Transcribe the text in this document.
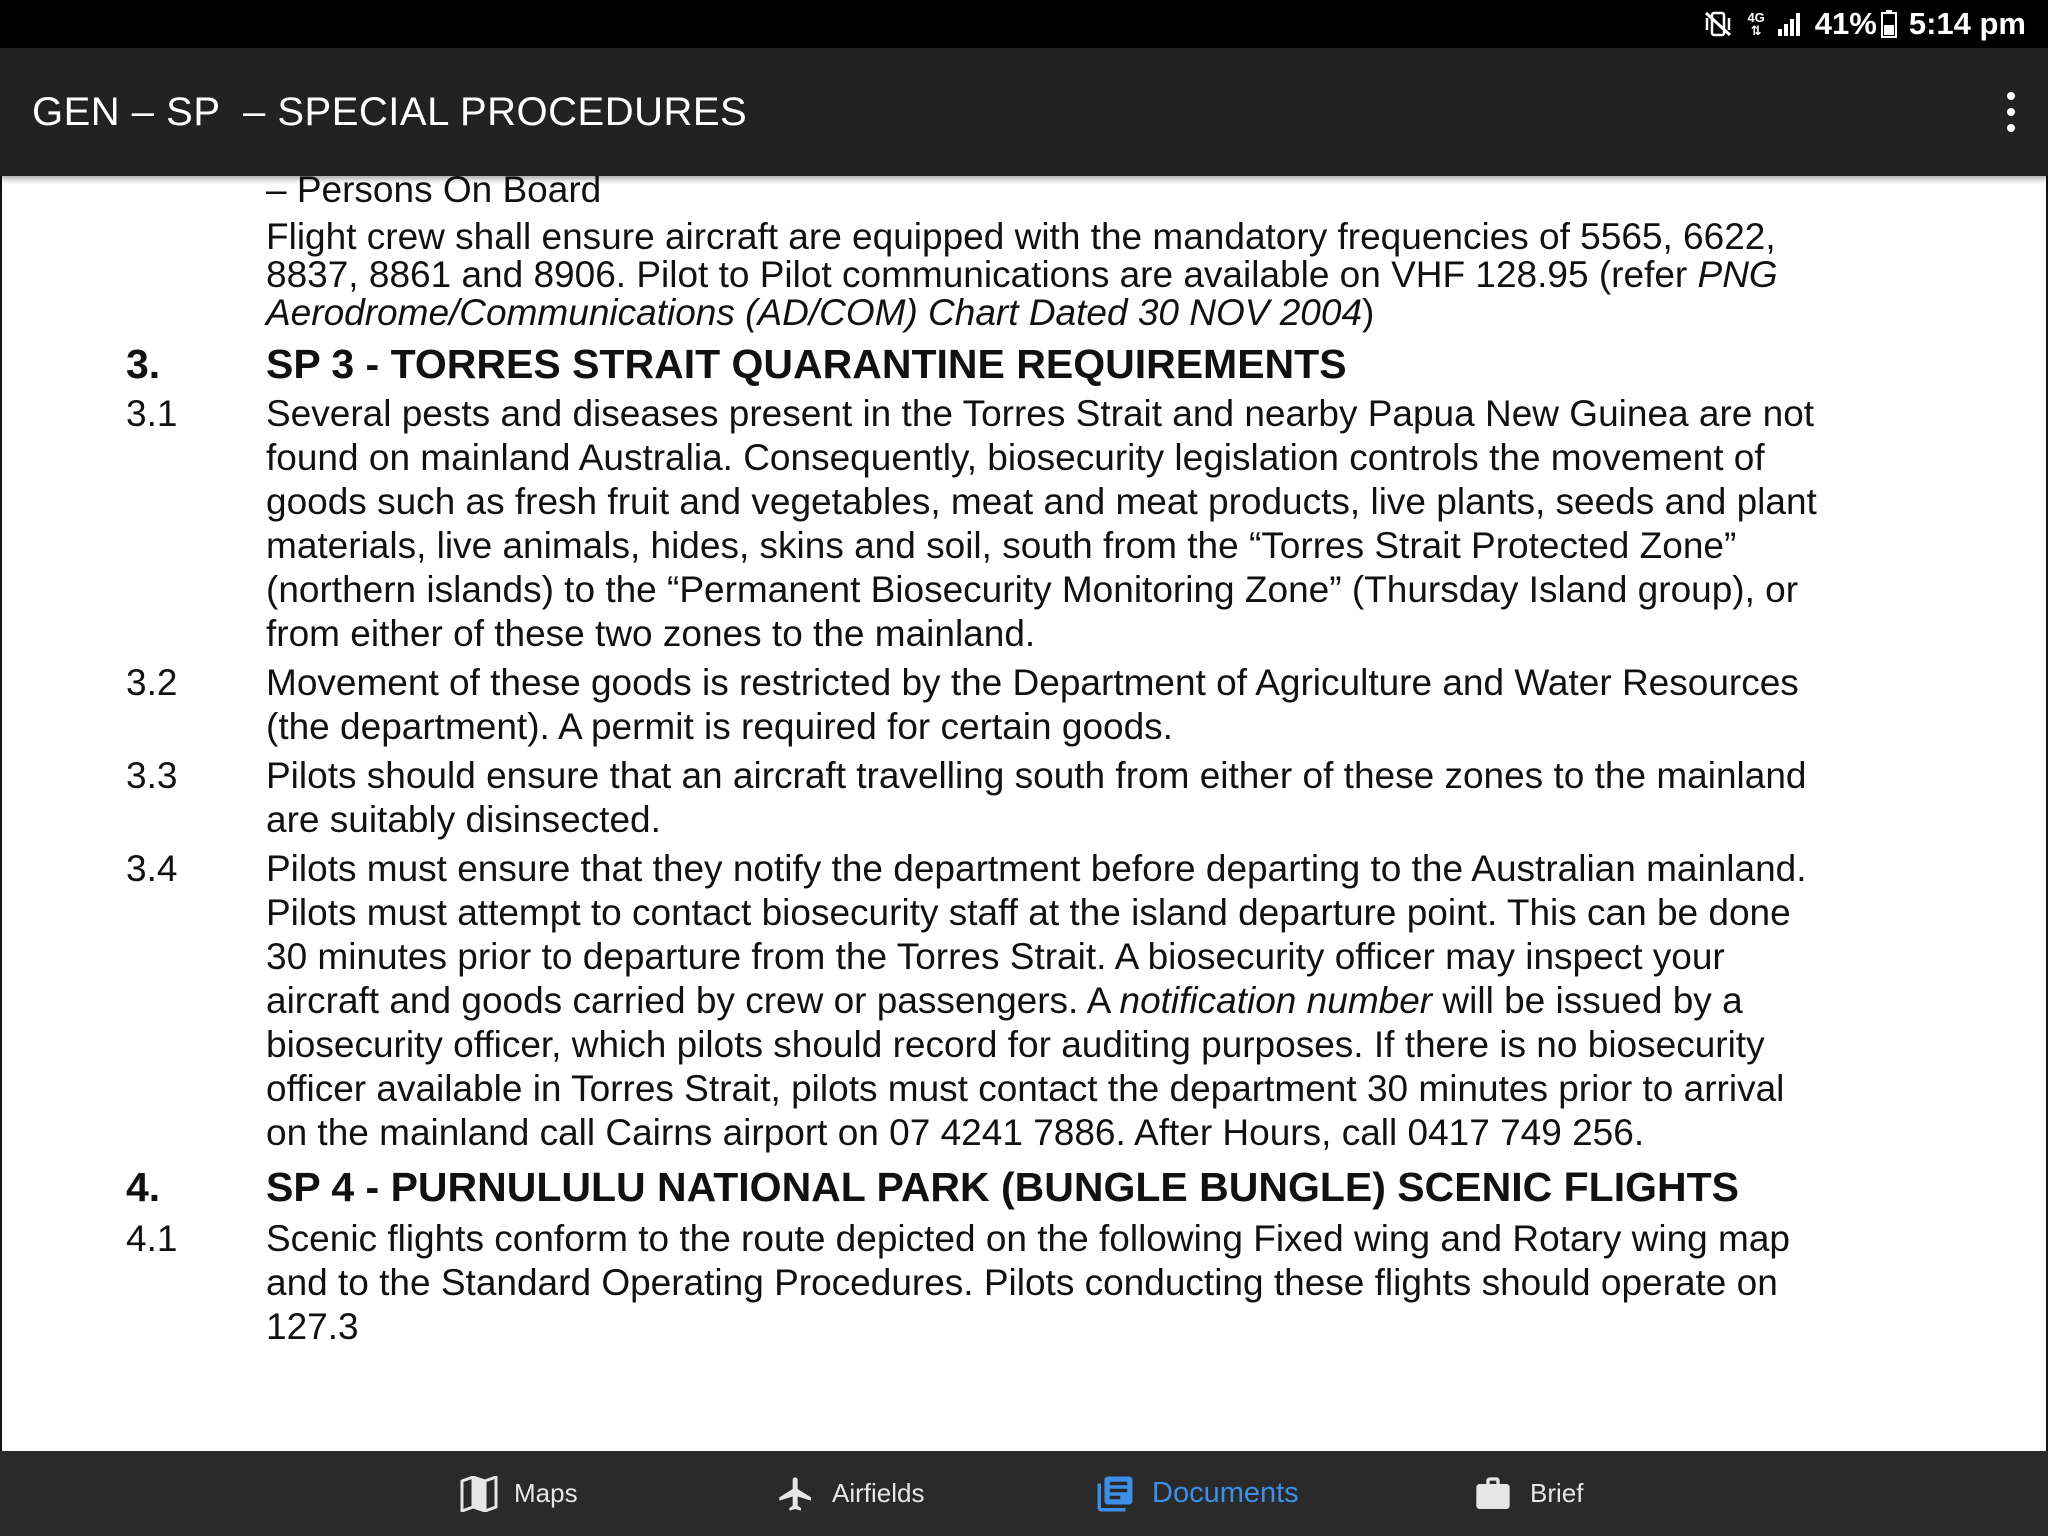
4G
⇅ 41% 5:14 pm
GEN – SP  – SPECIAL PROCEDURES
– Persons On Board
Flight crew shall ensure aircraft are equipped with the mandatory frequencies of 5565, 6622, 8837, 8861 and 8906. Pilot to Pilot communications are available on VHF 128.95 (refer PNG Aerodrome/Communications (AD/COM) Chart Dated 30 NOV 2004)
3.	SP 3 - TORRES STRAIT QUARANTINE REQUIREMENTS
3.1 Several pests and diseases present in the Torres Strait and nearby Papua New Guinea are not found on mainland Australia. Consequently, biosecurity legislation controls the movement of goods such as fresh fruit and vegetables, meat and meat products, live plants, seeds and plant materials, live animals, hides, skins and soil, south from the “Torres Strait Protected Zone” (northern islands) to the “Permanent Biosecurity Monitoring Zone” (Thursday Island group), or from either of these two zones to the mainland.
3.2 Movement of these goods is restricted by the Department of Agriculture and Water Resources (the department). A permit is required for certain goods.
3.3 Pilots should ensure that an aircraft travelling south from either of these zones to the mainland are suitably disinsected.
3.4 Pilots must ensure that they notify the department before departing to the Australian mainland. Pilots must attempt to contact biosecurity staff at the island departure point. This can be done 30 minutes prior to departure from the Torres Strait. A biosecurity officer may inspect your aircraft and goods carried by crew or passengers. A notification number will be issued by a biosecurity officer, which pilots should record for auditing purposes. If there is no biosecurity officer available in Torres Strait, pilots must contact the department 30 minutes prior to arrival on the mainland call Cairns airport on 07 4241 7886. After Hours, call 0417 749 256.
4.	SP 4 - PURNULULU NATIONAL PARK (BUNGLE BUNGLE) SCENIC FLIGHTS
4.1 Scenic flights conform to the route depicted on the following Fixed wing and Rotary wing map and to the Standard Operating Procedures. Pilots conducting these flights should operate on 127.3
Maps	Airfields	Documents	Brief
